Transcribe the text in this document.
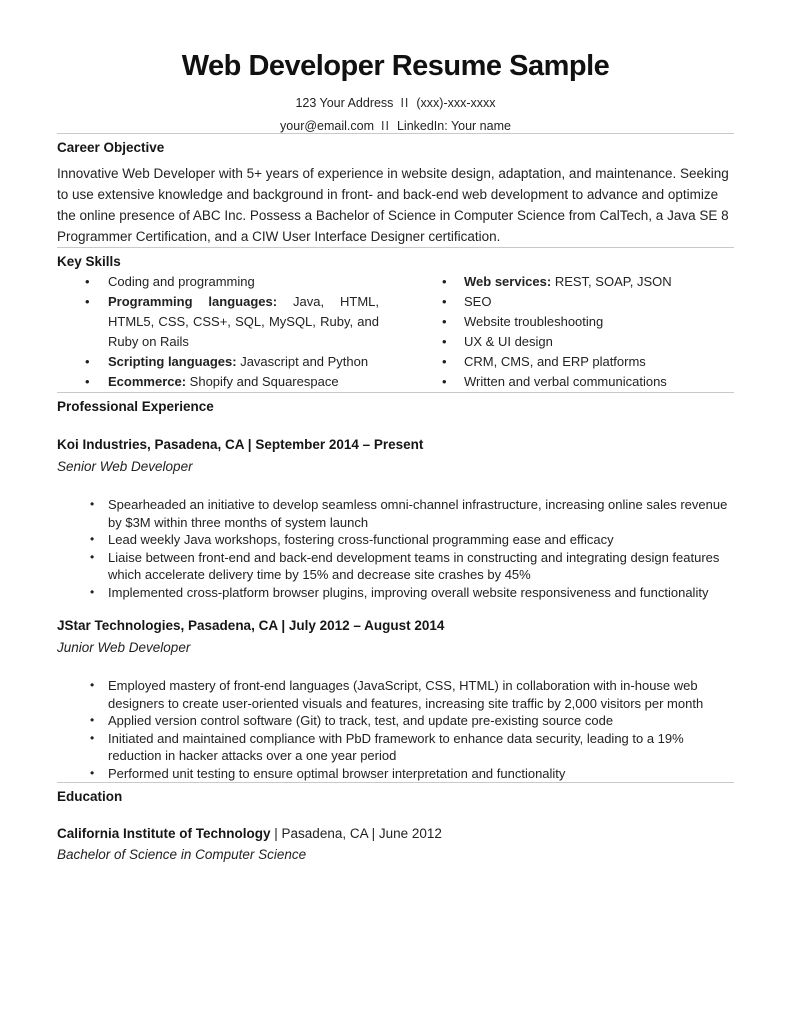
Web Developer Resume Sample

123 Your Address II (xxx)-xxx-xxxx

your@email.com II LinkedIn: Your name

Career Objective

Innovative Web Developer with 5+ years of experience in website design, adaptation, and maintenance. Seeking to use extensive knowledge and background in front- and back-end web development to advance and optimize the online presence of ABC Inc. Possess a Bachelor of Science in Computer Science from CalTech, a Java SE 8 Programmer Certification, and a CIW User Interface Designer certification.

Key Skills
• Coding and programming
• Programming languages: Java, HTML, HTML5, CSS, CSS+, SQL, MySQL, Ruby, and Ruby on Rails
• Scripting languages: Javascript and Python
• Ecommerce: Shopify and Squarespace
• Web services: REST, SOAP, JSON
• SEO
• Website troubleshooting
• UX & UI design
• CRM, CMS, and ERP platforms
• Written and verbal communications
Professional Experience
Koi Industries, Pasadena, CA | September 2014 – Present

Senior Web Developer

• Spearheaded an initiative to develop seamless omni-channel infrastructure, increasing online sales revenue by $3M within three months of system launch
• Lead weekly Java workshops, fostering cross-functional programming ease and efficacy
• Liaise between front-end and back-end development teams in constructing and integrating design features which accelerate delivery time by 15% and decrease site crashes by 45%
• Implemented cross-platform browser plugins, improving overall website responsiveness and functionality
JStar Technologies, Pasadena, CA | July 2012 – August 2014

Junior Web Developer

• Employed mastery of front-end languages (JavaScript, CSS, HTML) in collaboration with in-house web designers to create user-oriented visuals and features, increasing site traffic by 2,000 visitors per month
• Applied version control software (Git) to track, test, and update pre-existing source code
• Initiated and maintained compliance with PbD framework to enhance data security, leading to a 19% reduction in hacker attacks over a one year period
• Performed unit testing to ensure optimal browser interpretation and functionality
Education

California Institute of Technology | Pasadena, CA | June 2012

Bachelor of Science in Computer Science
